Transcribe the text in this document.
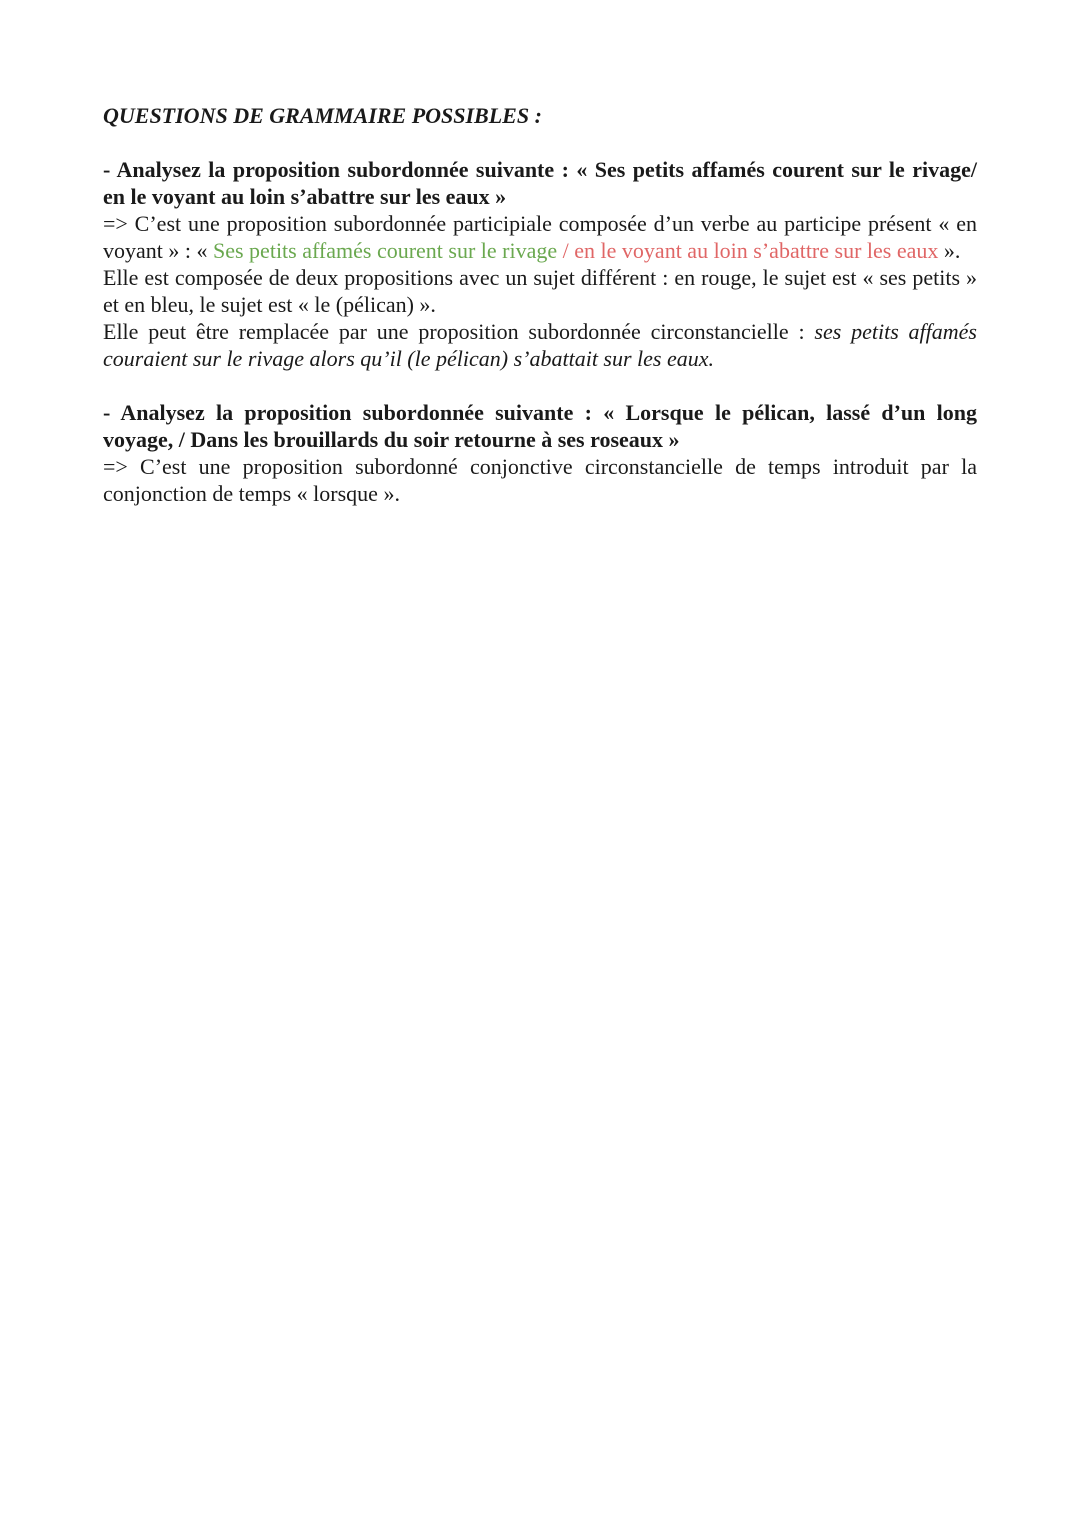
QUESTIONS DE GRAMMAIRE POSSIBLES :

- Analysez la proposition subordonnée suivante : « Ses petits affamés courent sur le rivage/ en le voyant au loin s’abattre sur les eaux »

=> C’est une proposition subordonnée participiale composée d’un verbe au participe présent « en voyant » : « Ses petits affamés courent sur le rivage / en le voyant au loin s’abattre sur les eaux ».

Elle est composée de deux propositions avec un sujet différent : en rouge, le sujet est « ses petits » et en bleu, le sujet est « le (pélican) ».

Elle peut être remplacée par une proposition subordonnée circonstancielle : ses petits affamés couraient sur le rivage alors qu’il (le pélican) s’abattait sur les eaux.

- Analysez la proposition subordonnée suivante : « Lorsque le pélican, lassé d’un long voyage, / Dans les brouillards du soir retourne à ses roseaux »

=> C’est une proposition subordonné conjonctive circonstancielle de temps introduit par la conjonction de temps « lorsque ».
